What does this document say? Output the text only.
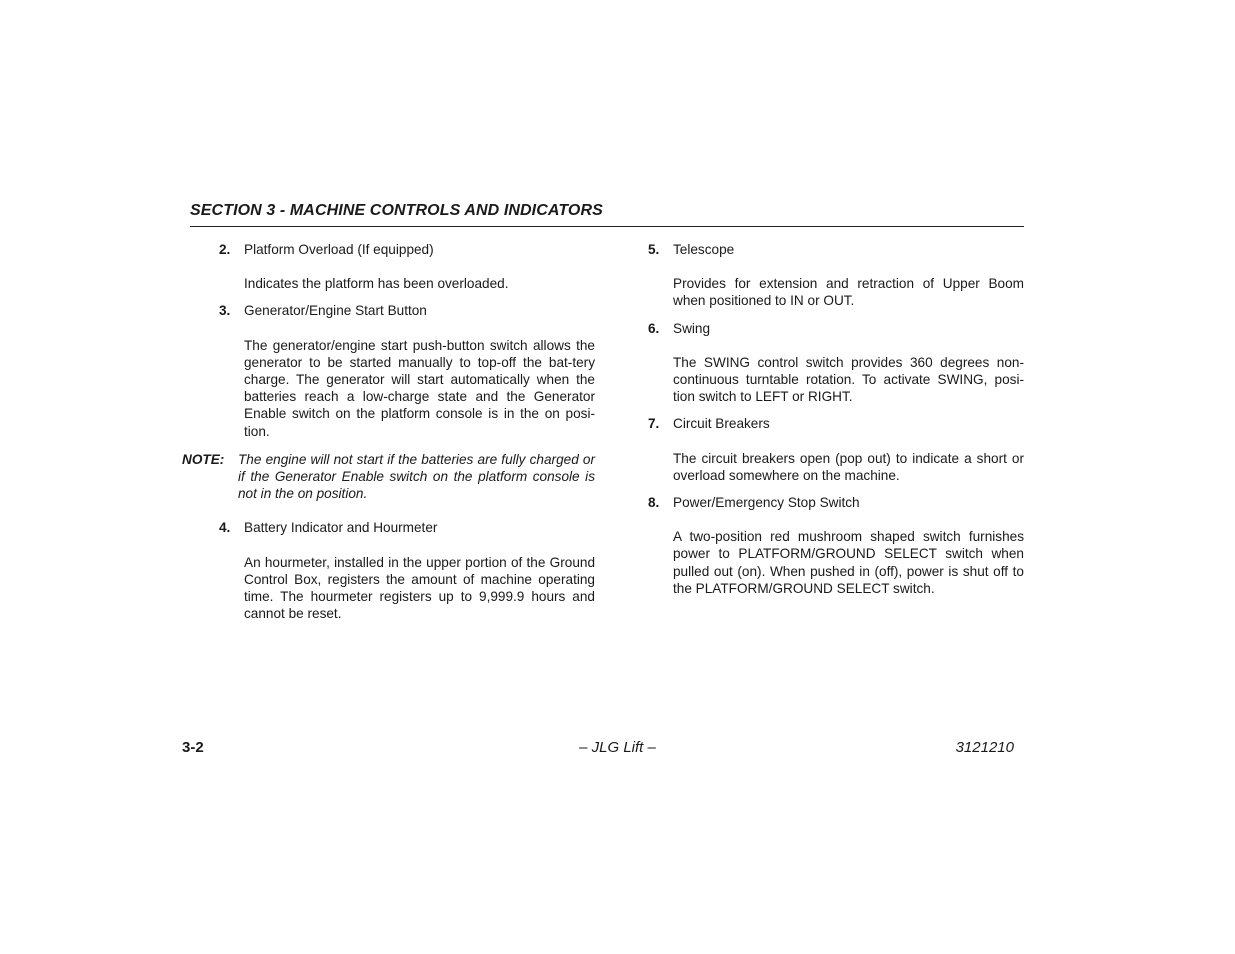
SECTION 3 - MACHINE CONTROLS AND INDICATORS
2. Platform Overload (If equipped)
Indicates the platform has been overloaded.
3. Generator/Engine Start Button
The generator/engine start push-button switch allows the generator to be started manually to top-off the bat-tery charge. The generator will start automatically when the batteries reach a low-charge state and the Generator Enable switch on the platform console is in the on posi-tion.
NOTE: The engine will not start if the batteries are fully charged or if the Generator Enable switch on the platform console is not in the on position.
4. Battery Indicator and Hourmeter
An hourmeter, installed in the upper portion of the Ground Control Box, registers the amount of machine operating time. The hourmeter registers up to 9,999.9 hours and cannot be reset.
5. Telescope
Provides for extension and retraction of Upper Boom when positioned to IN or OUT.
6. Swing
The SWING control switch provides 360 degrees non-continuous turntable rotation. To activate SWING, posi-tion switch to LEFT or RIGHT.
7. Circuit Breakers
The circuit breakers open (pop out) to indicate a short or overload somewhere on the machine.
8. Power/Emergency Stop Switch
A two-position red mushroom shaped switch furnishes power to PLATFORM/GROUND SELECT switch when pulled out (on). When pushed in (off), power is shut off to the PLATFORM/GROUND SELECT switch.
3-2	– JLG Lift –	3121210
